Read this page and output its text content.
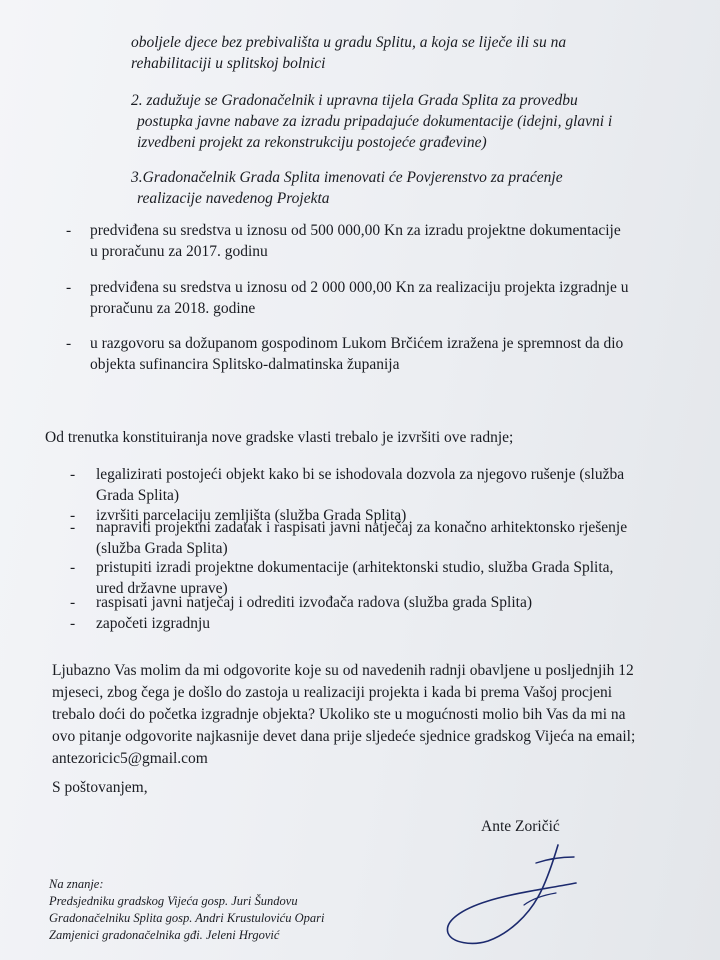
oboljele djece bez prebivališta u gradu Splitu, a koja se liječe ili su na
rehabilitaciji u splitskoj bolnici
2. zadužuje se Gradonačelnik i upravna tijela Grada Splita za provedbu
postupka javne nabave za izradu pripadajuće dokumentacije (idejni, glavni i
izvedbeni projekt za rekonstrukciju postojeće građevine)
3.Gradonačelnik Grada Splita imenovati će Povjerenstvo za praćenje
realizacije navedenog Projekta
-	predviđena su sredstva u iznosu od 500 000,00 Kn za izradu projektne dokumentacije
u proračunu za 2017. godinu
-	predviđena su sredstva u iznosu od 2 000 000,00 Kn za realizaciju projekta izgradnje u
proračunu za 2018. godine
-	u razgovoru sa dožupanom gospodinom Lukom Brčićem izražena je spremnost da dio
objekta sufinancira Splitsko-dalmatinska županija
Od trenutka konstituiranja nove gradske vlasti trebalo je izvršiti ove radnje;
-	legalizirati postojeći objekt kako bi se ishodovala dozvola za njegovo rušenje (služba
Grada Splita)
-	izvršiti parcelaciju zemljišta (služba Grada Splita)
-	napraviti projektni zadatak i raspisati javni natječaj za konačno arhitektonsko rješenje
(služba Grada Splita)
-	pristupiti izradi projektne dokumentacije (arhitektonski studio, služba Grada Splita,
ured državne uprave)
-	raspisati javni natječaj i odrediti izvođača radova (služba grada Splita)
-	započeti izgradnju
Ljubazno Vas molim da mi odgovorite koje su od navedenih radnji obavljene u posljednjih 12
mjeseci, zbog čega je došlo do zastoja u realizaciji projekta i kada bi prema Vašoj procjeni
trebalo doći do početka izgradnje objekta? Ukoliko ste u mogućnosti molio bih Vas da mi na
ovo pitanje odgovorite najkasnije devet dana prije sljedeće sjednice gradskog Vijeća na email;
antezoricic5@gmail.com
S poštovanjem,
Ante Zoričić
Na znanje:
Predsjedniku gradskog Vijeća gosp. Juri Šundovu
Gradonačelniku Splita gosp. Andri Krustuloviću Opari
Zamjenici gradonačelnika gđi. Jeleni Hrgović
